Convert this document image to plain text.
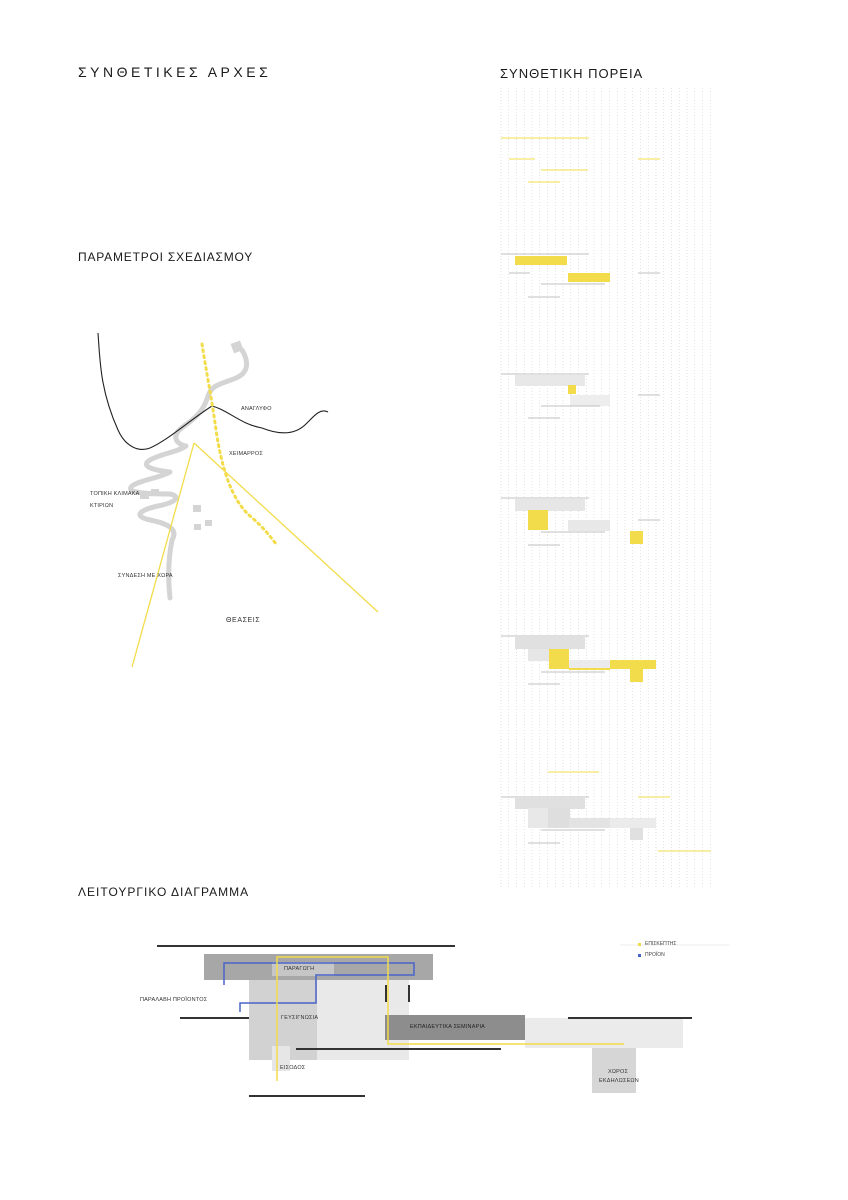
ΣΥΝΘΕΤΙΚΕΣ ΑΡΧΕΣ	ΣΥΝΘΕΤΙΚΗ ΠΟΡΕΙΑ
ΠΑΡΑΜΕΤΡΟΙ ΣΧΕΔΙΑΣΜΟΥ
ΛΕΙΤΟΥΡΓΙΚΟ ΔΙΑΓΡΑΜΜΑ
ΑΝΑΓΛΥΦΟ
ΧΕΙΜΑΡΡΟΣ
ΤΟΠΙΚΗ ΚΛΙΜΑΚΑ
ΚΤΙΡΙΩΝ
ΣΥΝΔΕΣΗ ΜΕ ΧΩΡΑ
ΘΕΑΣΕΙΣ
ΠΑΡΑΓΩΓΗ
ΠΑΡΑΛΑΒΗ ΠΡΟΪΟΝΤΟΣ
ΓΕΥΣΙΓΝΩΣΙΑ
ΕΚΠΑΙΔΕΥΤΙΚΑ ΣΕΜΙΝΑΡΙΑ
ΕΙΣΟΔΟΣ
ΧΩΡΟΣ
ΕΚΔΗΛΩΣΕΩΝ
ΕΠΙΣΚΕΠΤΗΣ
ΠΡΟΪΟΝ
